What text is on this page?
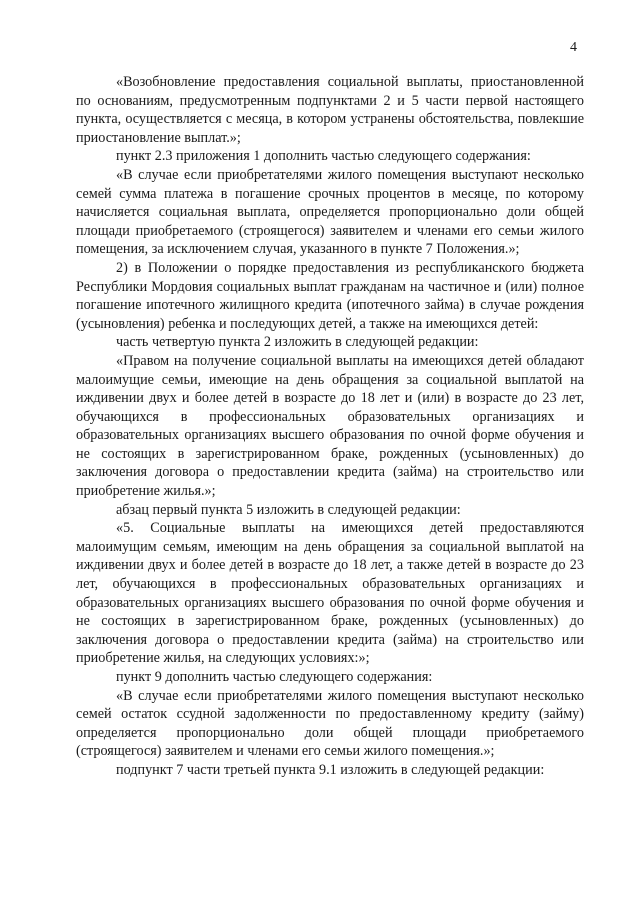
4

«Возобновление предоставления социальной выплаты, приостановленной по основаниям, предусмотренным подпунктами 2 и 5 части первой настоящего пункта, осуществляется с месяца, в котором устранены обстоятельства, повлекшие приостановление выплат.»;

пункт 2.3 приложения 1 дополнить частью следующего содержания:

«В случае если приобретателями жилого помещения выступают несколько семей сумма платежа в погашение срочных процентов в месяце, по которому начисляется социальная выплата, определяется пропорционально доли общей площади приобретаемого (строящегося) заявителем и членами его семьи жилого помещения, за исключением случая, указанного в пункте 7 Положения.»;

2) в Положении о порядке предоставления из республиканского бюджета Республики Мордовия социальных выплат гражданам на частичное и (или) полное погашение ипотечного жилищного кредита (ипотечного займа) в случае рождения (усыновления) ребенка и последующих детей, а также на имеющихся детей:

часть четвертую пункта 2 изложить в следующей редакции:

«Правом на получение социальной выплаты на имеющихся детей обладают малоимущие семьи, имеющие на день обращения за социальной выплатой на иждивении двух и более детей в возрасте до 18 лет и (или) в возрасте до 23 лет, обучающихся в профессиональных образовательных организациях и образовательных организациях высшего образования по очной форме обучения и не состоящих в зарегистрированном браке, рожденных (усыновленных) до заключения договора о предоставлении кредита (займа) на строительство или приобретение жилья.»;

абзац первый пункта 5 изложить в следующей редакции:

«5. Социальные выплаты на имеющихся детей предоставляются малоимущим семьям, имеющим на день обращения за социальной выплатой на иждивении двух и более детей в возрасте до 18 лет, а также детей в возрасте до 23 лет, обучающихся в профессиональных образовательных организациях и образовательных организациях высшего образования по очной форме обучения и не состоящих в зарегистрированном браке, рожденных (усыновленных) до заключения договора о предоставлении кредита (займа) на строительство или приобретение жилья, на следующих условиях:»;

пункт 9 дополнить частью следующего содержания:

«В случае если приобретателями жилого помещения выступают несколько семей остаток ссудной задолженности по предоставленному кредиту (займу) определяется пропорционально доли общей площади приобретаемого (строящегося) заявителем и членами его семьи жилого помещения.»;

подпункт 7 части третьей пункта 9.1 изложить в следующей редакции:
